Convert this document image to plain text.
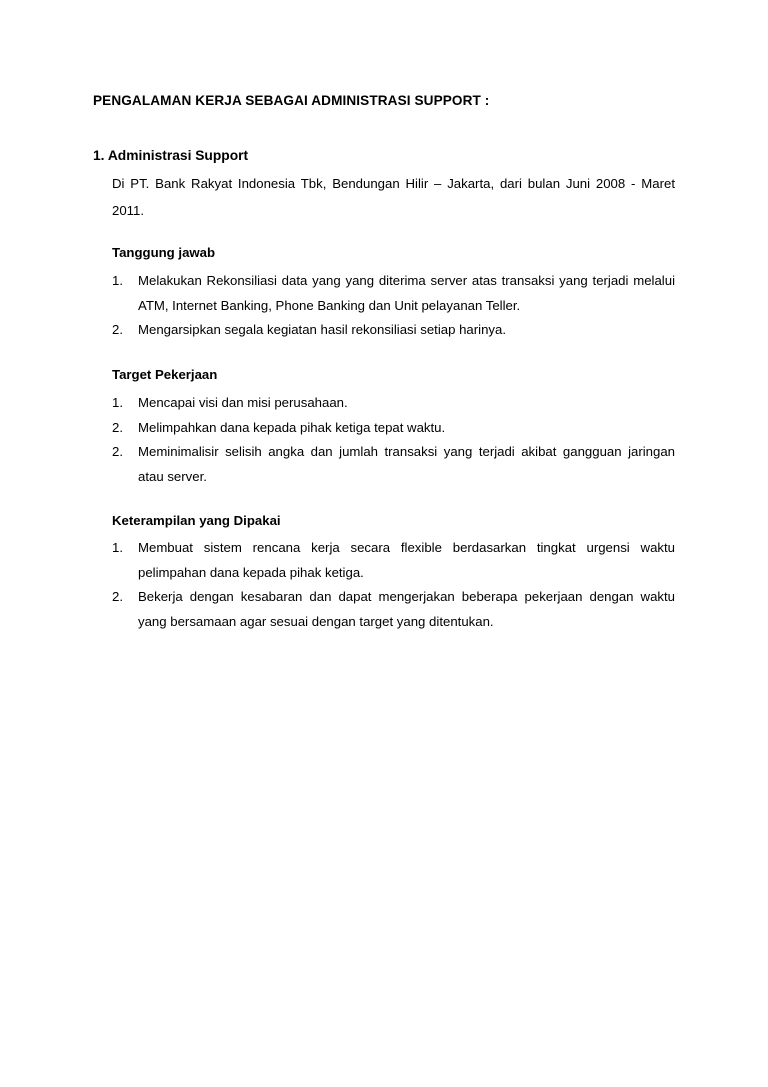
PENGALAMAN KERJA SEBAGAI ADMINISTRASI SUPPORT :
1. Administrasi Support
Di PT. Bank Rakyat Indonesia Tbk, Bendungan Hilir – Jakarta, dari bulan Juni 2008 - Maret 2011.
Tanggung jawab
1. Melakukan Rekonsiliasi data yang yang diterima server atas transaksi yang terjadi melalui ATM, Internet Banking, Phone Banking dan Unit pelayanan Teller.
2. Mengarsipkan segala kegiatan hasil rekonsiliasi setiap harinya.
Target Pekerjaan
1. Mencapai visi dan misi perusahaan.
2. Melimpahkan dana kepada pihak ketiga tepat waktu.
2. Meminimalisir selisih angka dan jumlah transaksi yang terjadi akibat gangguan jaringan atau server.
Keterampilan yang Dipakai
1. Membuat sistem rencana kerja secara flexible berdasarkan tingkat urgensi waktu pelimpahan dana kepada pihak ketiga.
2. Bekerja dengan kesabaran dan dapat mengerjakan beberapa pekerjaan dengan waktu yang bersamaan agar sesuai dengan target yang ditentukan.
